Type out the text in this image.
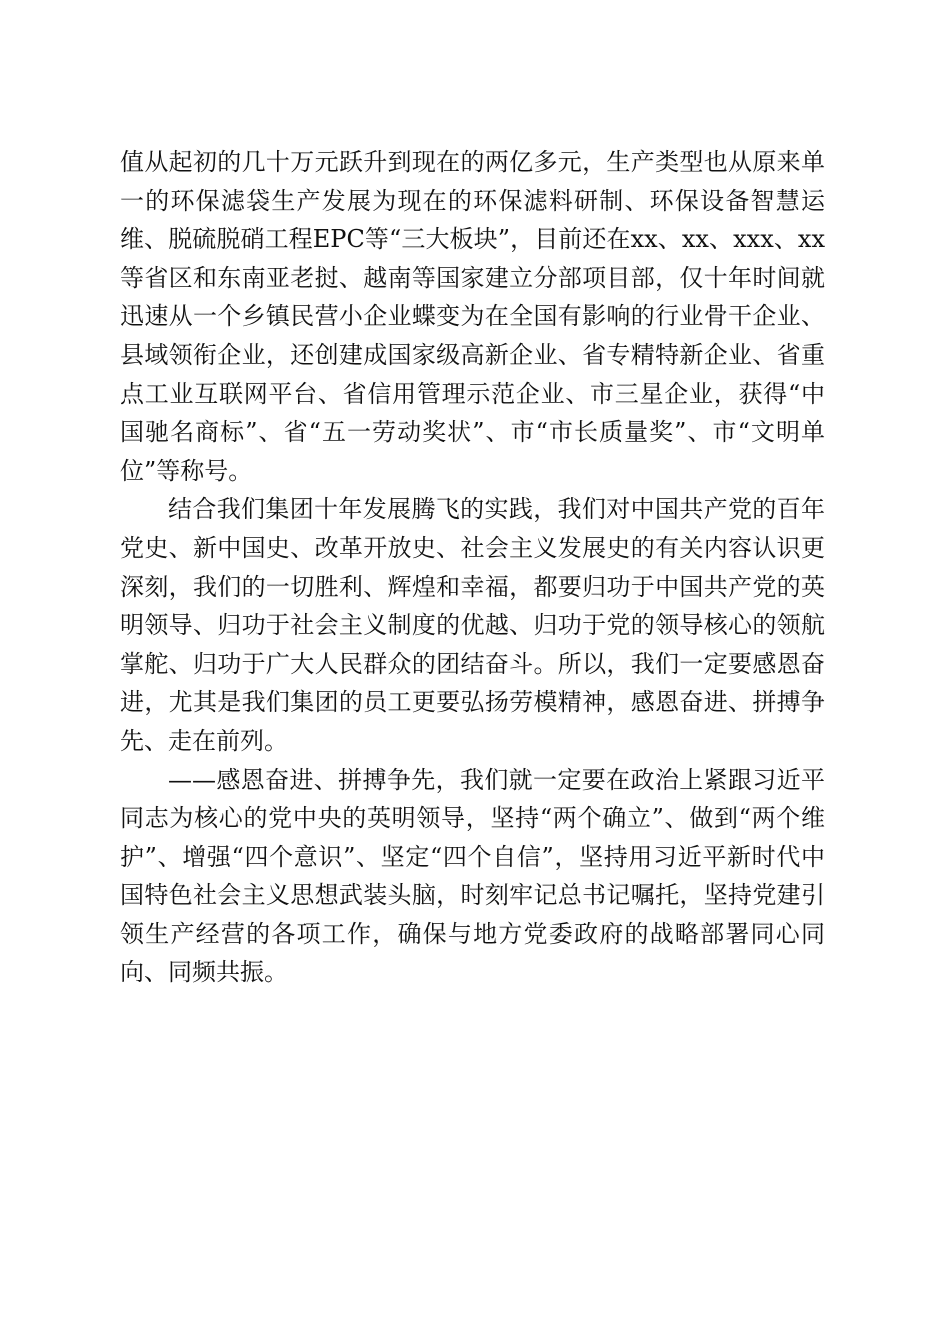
值从起初的几十万元跃升到现在的两亿多元，生产类型也从原来单一的环保滤袋生产发展为现在的环保滤料研制、环保设备智慧运维、脱硫脱硝工程EPC等“三大板块”，目前还在xx、xx、xxx、xx等省区和东南亚老挝、越南等国家建立分部项目部，仅十年时间就迅速从一个乡镇民营小企业蝶变为在全国有影响的行业骨干企业、县域领衔企业，还创建成国家级高新企业、省专精特新企业、省重点工业互联网平台、省信用管理示范企业、市三星企业，获得“中国驰名商标”、省“五一劳动奖状”、市“市长质量奖”、市“文明单位”等称号。

结合我们集团十年发展腾飞的实践，我们对中国共产党的百年党史、新中国史、改革开放史、社会主义发展史的有关内容认识更深刻，我们的一切胜利、辉煌和幸福，都要归功于中国共产党的英明领导、归功于社会主义制度的优越、归功于党的领导核心的领航掌舵、归功于广大人民群众的团结奋斗。所以，我们一定要感恩奋进，尤其是我们集团的员工更要弘扬劳模精神，感恩奋进、拼搏争先、走在前列。

——感恩奋进、拼搏争先，我们就一定要在政治上紧跟习近平同志为核心的党中央的英明领导，坚持“两个确立”、做到“两个维护”、增强“四个意识”、坚定“四个自信”，坚持用习近平新时代中国特色社会主义思想武装头脑，时刻牢记总书记嘱托，坚持党建引领生产经营的各项工作，确保与地方党委政府的战略部署同心同向、同频共振。
